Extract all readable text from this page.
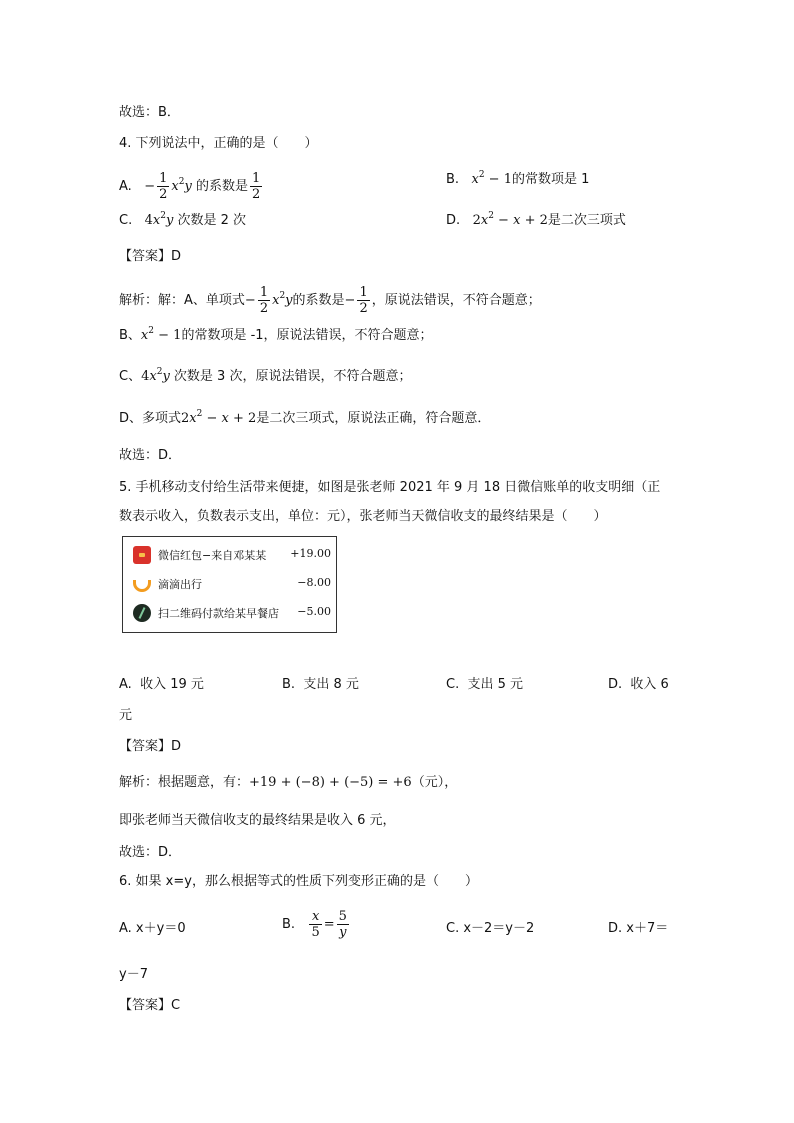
故选：B．
4. 下列说法中，正确的是（　　）
A. − $\frac{1}{2} x^2y$ 的系数是 $\frac{1}{2}$	B. $x^2 - 1$的常数项是 1
C. $4x^2y$ 次数是 2 次	D. $2x^2 - x + 2$是二次三项式
【答案】D
解析：解：A、单项式− $\frac{1}{2} x^2y$的系数是− $\frac{1}{2}$ ，原说法错误，不符合题意；
B、$x^2 - 1$的常数项是 -1，原说法错误，不符合题意；
C、$4x^2y$ 次数是 3 次，原说法错误，不符合题意；
D、多项式$2x^2 - x + 2$是二次三项式，原说法正确，符合题意．
故选：D．
5. 手机移动支付给生活带来便捷，如图是张老师 2021 年 9 月 18 日微信账单的收支明细（正
数表示收入，负数表示支出，单位：元），张老师当天微信收支的最终结果是（　　）
微信红包−来自邓某某 +19.00
滴滴出行	−8.00
扫二维码付款给某早餐店 −5.00
A. 收入 19 元	B. 支出 8 元	C. 支出 5 元	D. 收入 6
元
【答案】D
解析：根据题意，有：+19 + (−8) + (−5) = +6（元），
即张老师当天微信收支的最终结果是收入 6 元，
故选：D．
6. 如果 x=y，那么根据等式的性质下列变形正确的是（　　）
A. x＋y＝0	B. $\frac{x}{5} = \frac{5}{y}$	C. x－2＝y－2	D. x＋7＝
y－7
【答案】C
